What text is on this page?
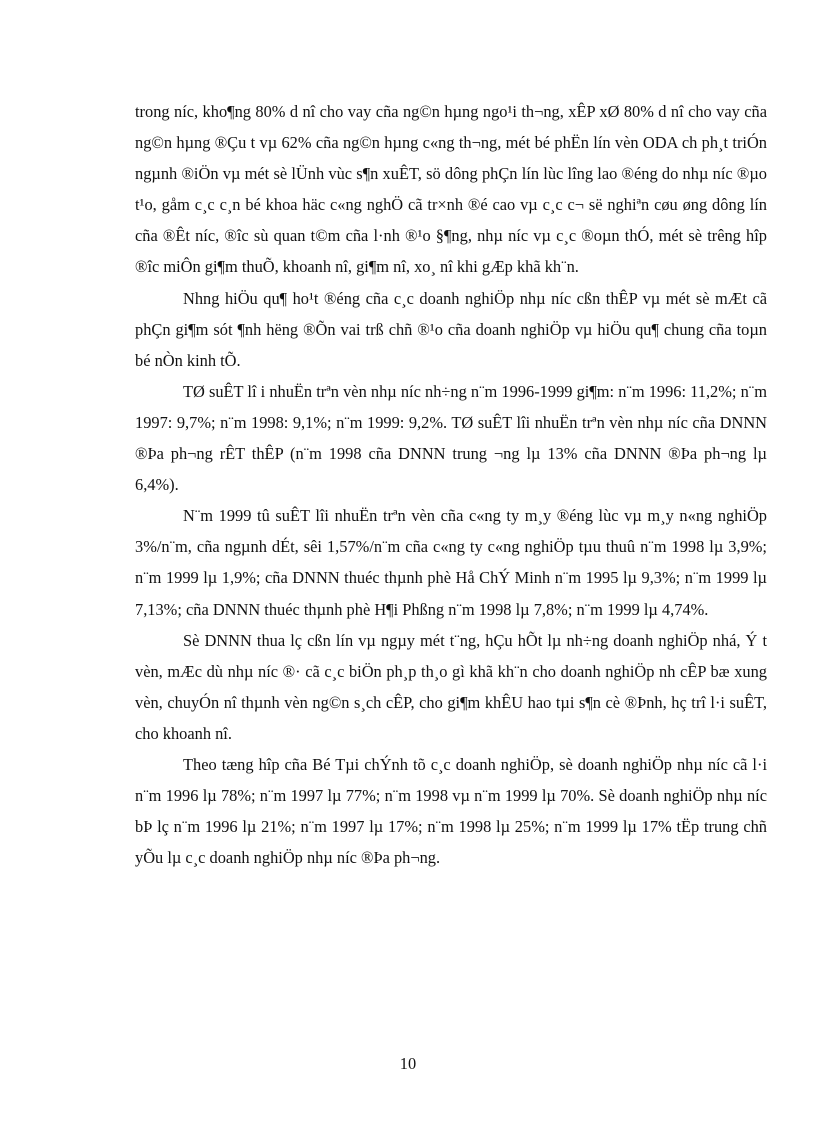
trong níc, kho¶ng 80% d nî cho vay cña ng©n hµng ngo¹i th¬ng, xÊP xØ 80% d nî cho vay cña ng©n hµng ®Çu t vµ 62% cña ng©n hµng c«ng th¬ng, mét bé phËn lín vèn ODA ch ph¸t triÓn ngµnh ®iÖn vµ mét sè lÜnh vùc s¶n xuÊT, sö dông phÇn lín lùc lîng lao ®éng do nhµ níc ®µo t¹o, gåm c¸c c¸n bé khoa häc c«ng nghÖ cã tr×nh ®é cao vµ c¸c c¬ së nghiªn cøu øng dông lín cña ®Êt níc, ®îc sù quan t©m cña l·nh ®¹o §¶ng, nhµ níc vµ c¸c ®oµn thÓ, mét sè trêng hîp ®îc miÔn gi¶m thuÕ, khoanh nî, gi¶m nî, xo¸ nî khi gÆp khã kh¨n.

Nhng hiÖu qu¶ ho¹t ®éng cña c¸c doanh nghiÖp nhµ níc cßn thÊP vµ mét sè mÆt cã phÇn gi¶m sót ¶nh hëng ®Õn vai trß chñ ®¹o cña doanh nghiÖp vµ hiÖu qu¶ chung cña toµn bé nÒn kinh tÕ.

TØ suÊT lî i nhuËn trªn vèn nhµ níc nh÷ng n¨m 1996-1999 gi¶m: n¨m 1996: 11,2%; n¨m 1997: 9,7%; n¨m 1998: 9,1%; n¨m 1999: 9,2%. TØ suÊT lîi nhuËn trªn vèn nhµ níc cña DNNN ®Þa ph¬ng rÊT thÊP (n¨m 1998 cña DNNN trung ¬ng lµ 13% cña DNNN ®Þa ph¬ng lµ 6,4%).

N¨m 1999 tû suÊT lîi nhuËn trªn vèn cña c«ng ty m¸y ®éng lùc vµ m¸y n«ng nghiÖp 3%/n¨m, cña ngµnh dÉt, sêi 1,57%/n¨m cña c«ng ty c«ng nghiÖp tµu thuû n¨m 1998 lµ 3,9%; n¨m 1999 lµ 1,9%; cña DNNN thuéc thµnh phè Hå ChÝ Minh n¨m 1995 lµ 9,3%; n¨m 1999 lµ 7,13%; cña DNNN thuéc thµnh phè H¶i Phßng n¨m 1998 lµ 7,8%; n¨m 1999 lµ 4,74%.

Sè DNNN thua lç cßn lín vµ ngµy mét t¨ng, hÇu hÕt lµ nh÷ng doanh nghiÖp nhá, Ý t vèn, mÆc dù nhµ níc ®· cã c¸c biÖn ph¸p th¸o gì khã kh¨n cho doanh nghiÖp nh cÊP bæ xung vèn, chuyÓn nî thµnh vèn ng©n s¸ch cÊP, cho gi¶m khÊU hao tµi s¶n cè ®Þnh, hç trî l·i suÊT, cho khoanh nî.

Theo tæng hîp cña Bé Tµi chÝnh tõ c¸c doanh nghiÖp, sè doanh nghiÖp nhµ níc cã l·i n¨m 1996 lµ 78%; n¨m 1997 lµ 77%; n¨m 1998 vµ n¨m 1999 lµ 70%. Sè doanh nghiÖp nhµ níc bÞ lç n¨m 1996 lµ 21%; n¨m 1997 lµ 17%; n¨m 1998 lµ 25%; n¨m 1999 lµ 17% tËp trung chñ yÕu lµ c¸c doanh nghiÖp nhµ níc ®Þa ph¬ng.

10
